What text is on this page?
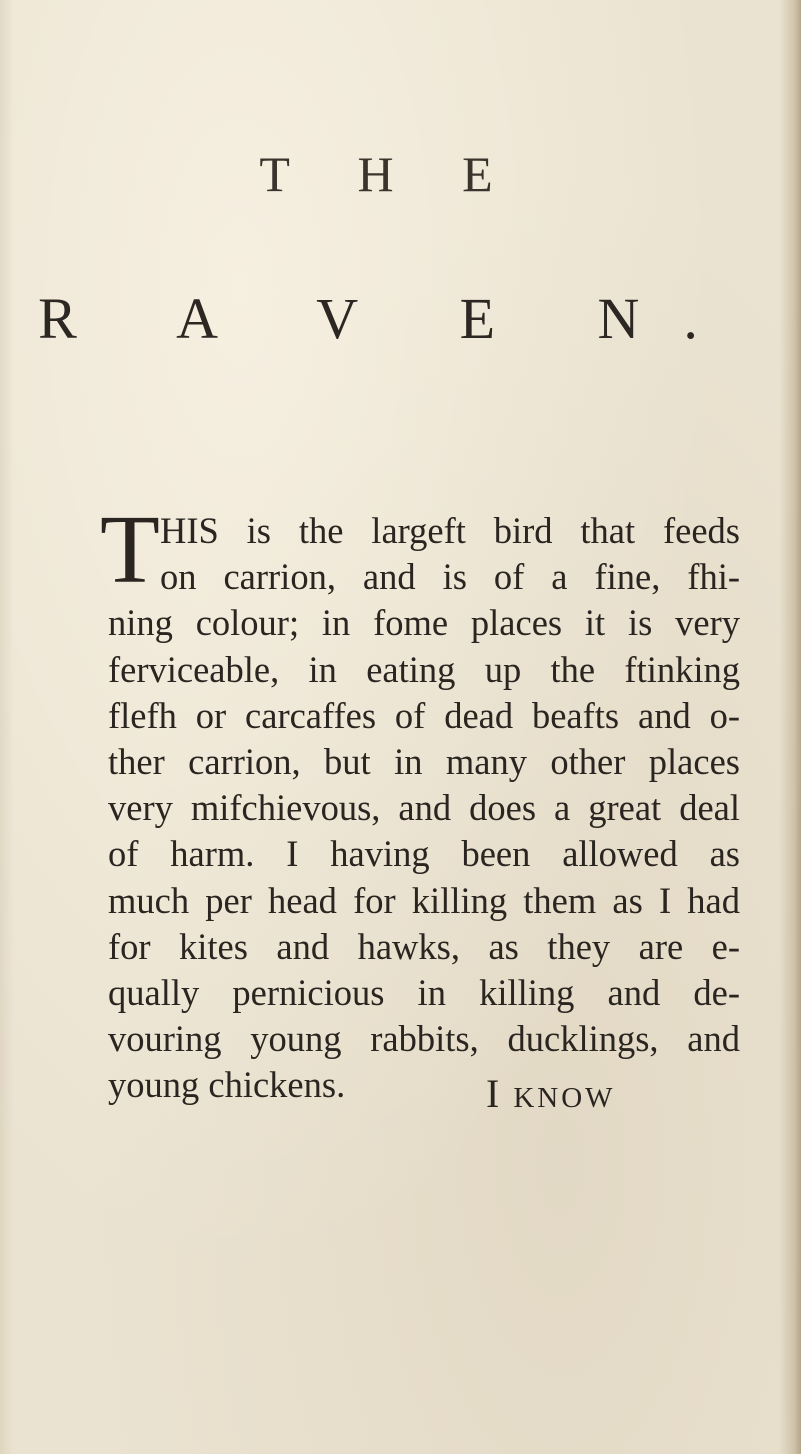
T H E
R A V E N.
T HIS is the largeft bird that feeds
on carrion, and is of a fine, fhi-
ning colour; in fome places it is very
ferviceable, in eating up the ftinking
flefh or carcaffes of dead beafts and o-
ther carrion, but in many other places
very mifchievous, and does a great deal
of harm. I having been allowed as
much per head for killing them as I had
for kites and hawks, as they are e-
qually pernicious in killing and de-
vouring young rabbits, ducklings, and
young chickens.	I KNOW
